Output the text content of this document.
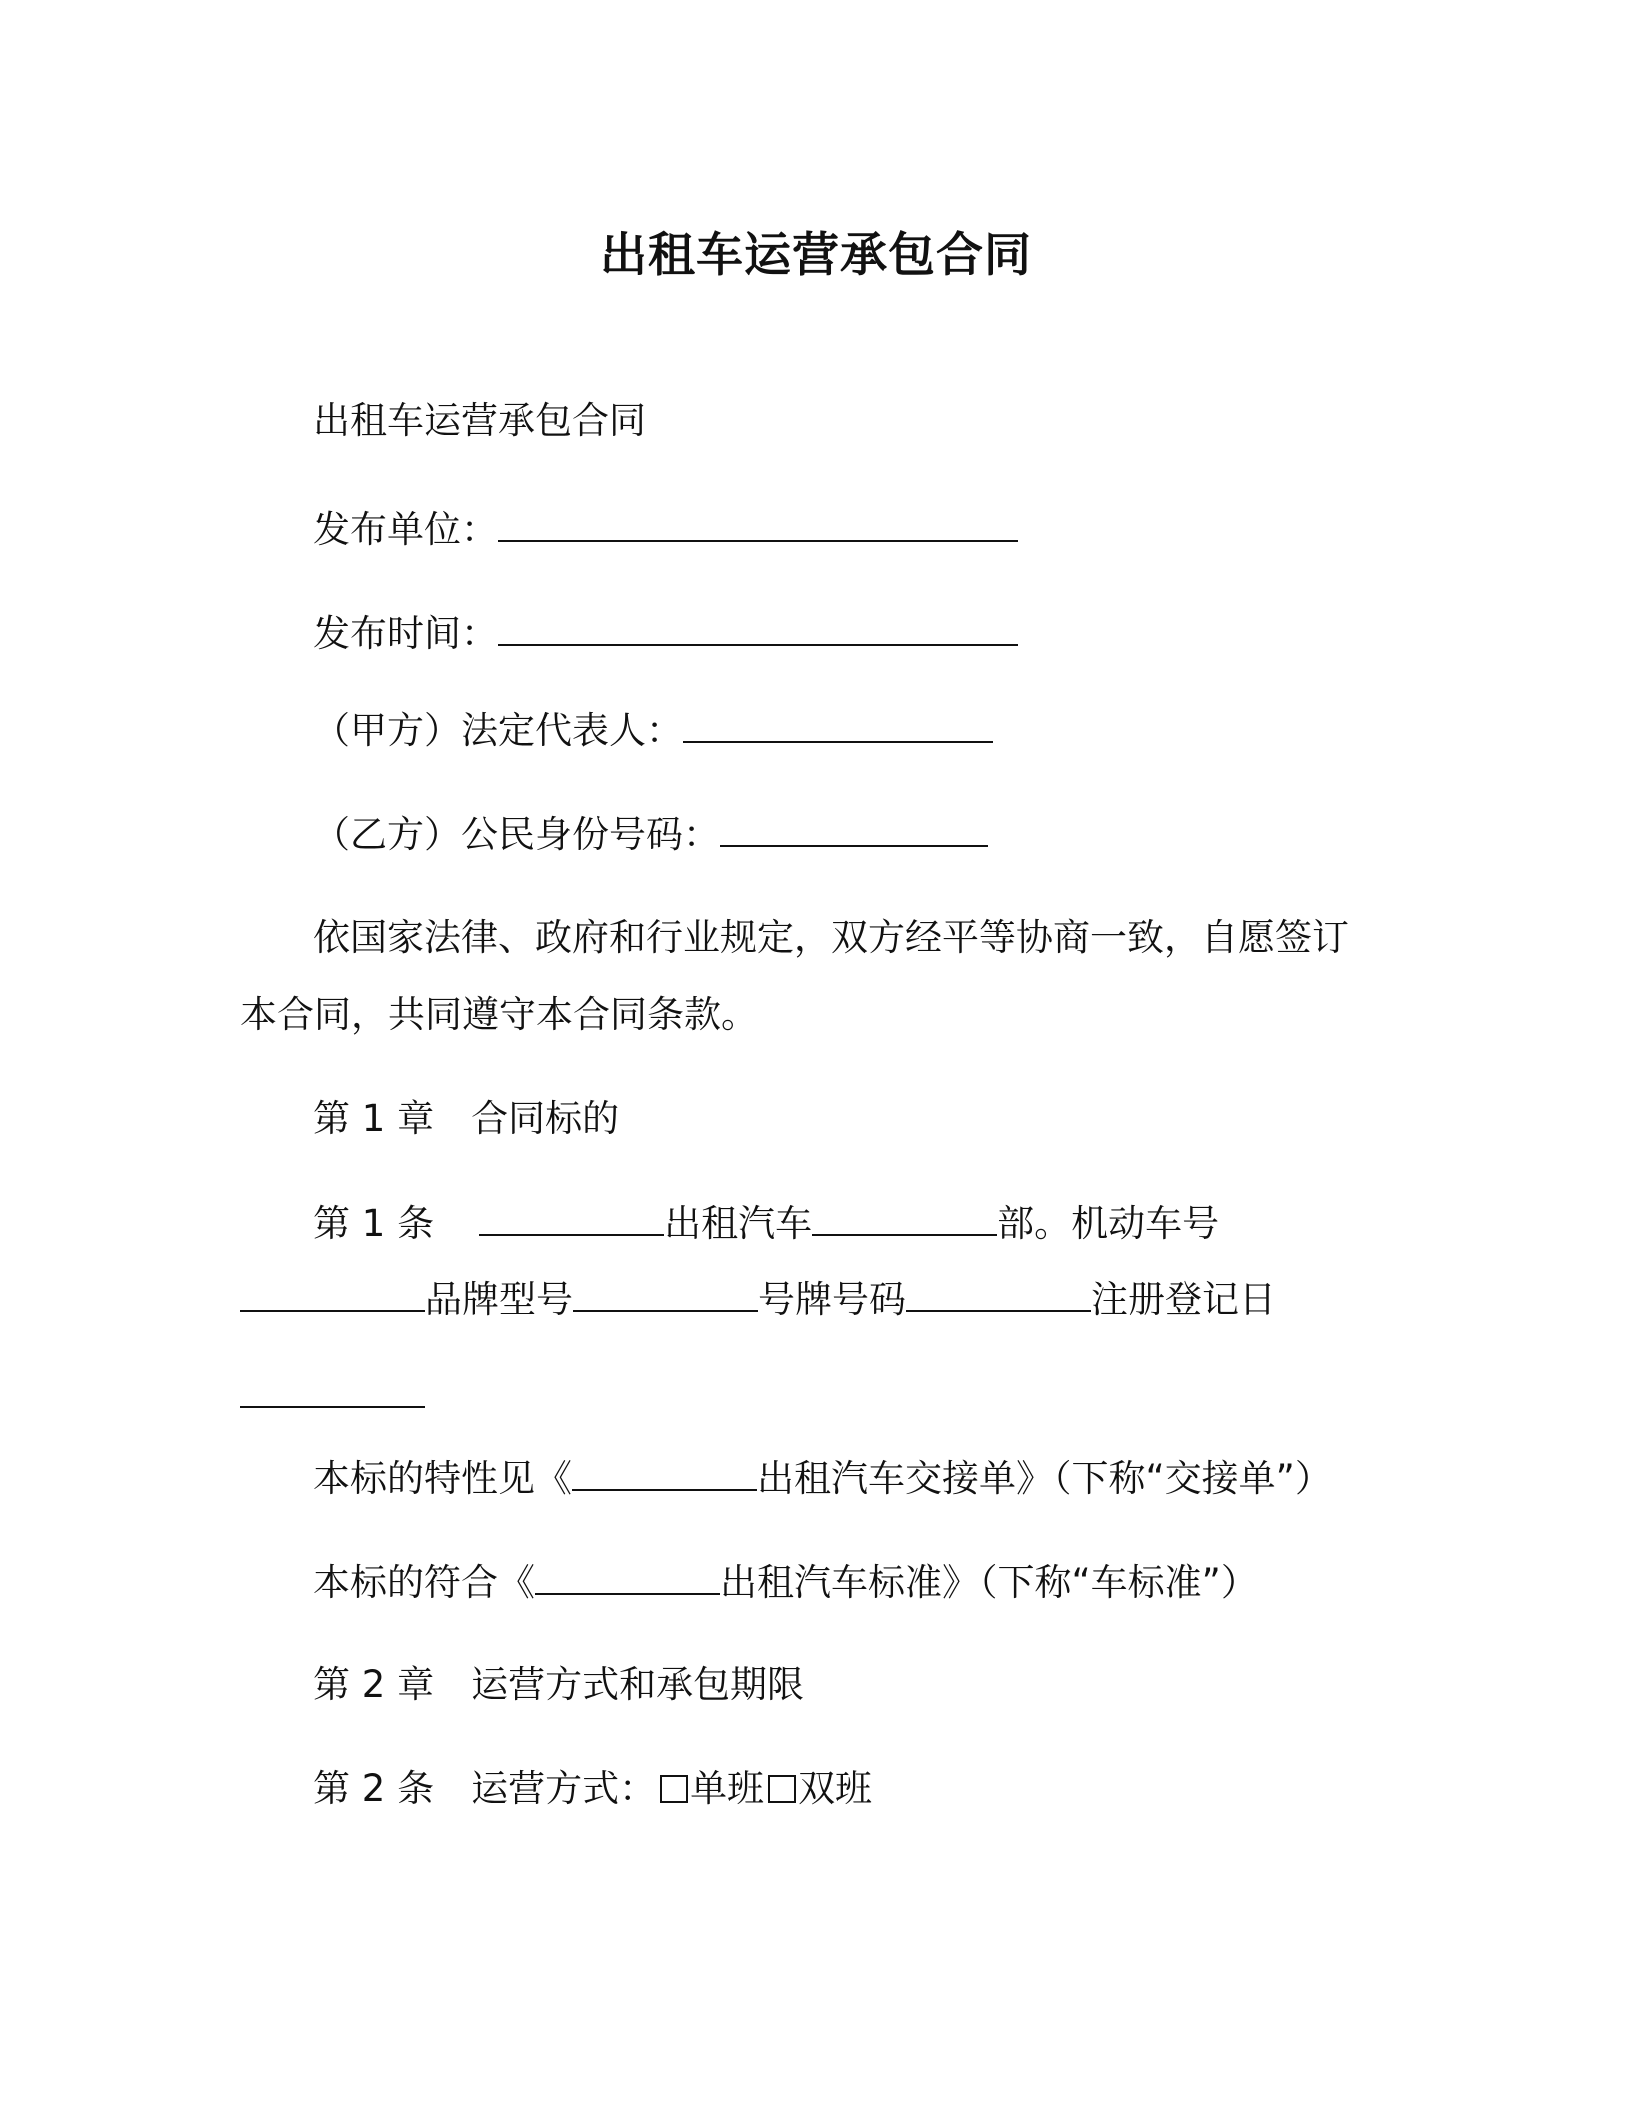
出租车运营承包合同
出租车运营承包合同
发布单位：
发布时间：
（甲方）法定代表人：
（乙方）公民身份号码：
依国家法律、政府和行业规定，双方经平等协商一致，自愿签订
本合同，共同遵守本合同条款。
第 1 章　合同标的
第 1 条　	出租汽车	部。机动车号
品牌型号	号牌号码	注册登记日
本标的特性见《	出租汽车交接单》（下称“交接单”）
本标的符合《	出租汽车标准》（下称“车标准”）
第 2 章　运营方式和承包期限
第 2 条　运营方式： 单班 双班
